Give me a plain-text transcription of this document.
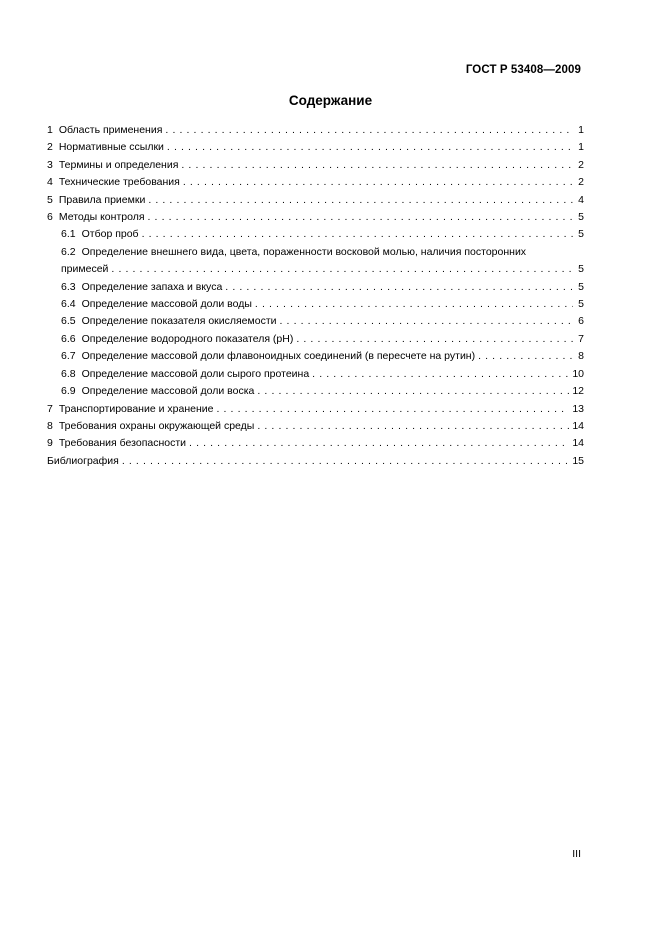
ГОСТ Р 53408—2009
Содержание
1 Область применения . . .	1
2 Нормативные ссылки . . .	1
3 Термины и определения . . .	2
4 Технические требования . . .	2
5 Правила приемки . . .	4
6 Методы контроля . . .	5
6.1 Отбор проб . . .	5
6.2 Определение внешнего вида, цвета, пораженности восковой молью, наличия посторонних
примесей . . .	5
6.3 Определение запаха и вкуса . . .	5
6.4 Определение массовой доли воды . . .	5
6.5 Определение показателя окисляемости . . .	6
6.6 Определение водородного показателя (рН) . . .	7
6.7 Определение массовой доли флавоноидных соединений (в пересчете на рутин) . . .	8
6.8 Определение массовой доли сырого протеина . . .	10
6.9 Определение массовой доли воска . . .	12
7 Транспортирование и хранение . . .	13
8 Требования охраны окружающей среды . . .	14
9 Требования безопасности . . .	14
Библиография . . .	15
III
